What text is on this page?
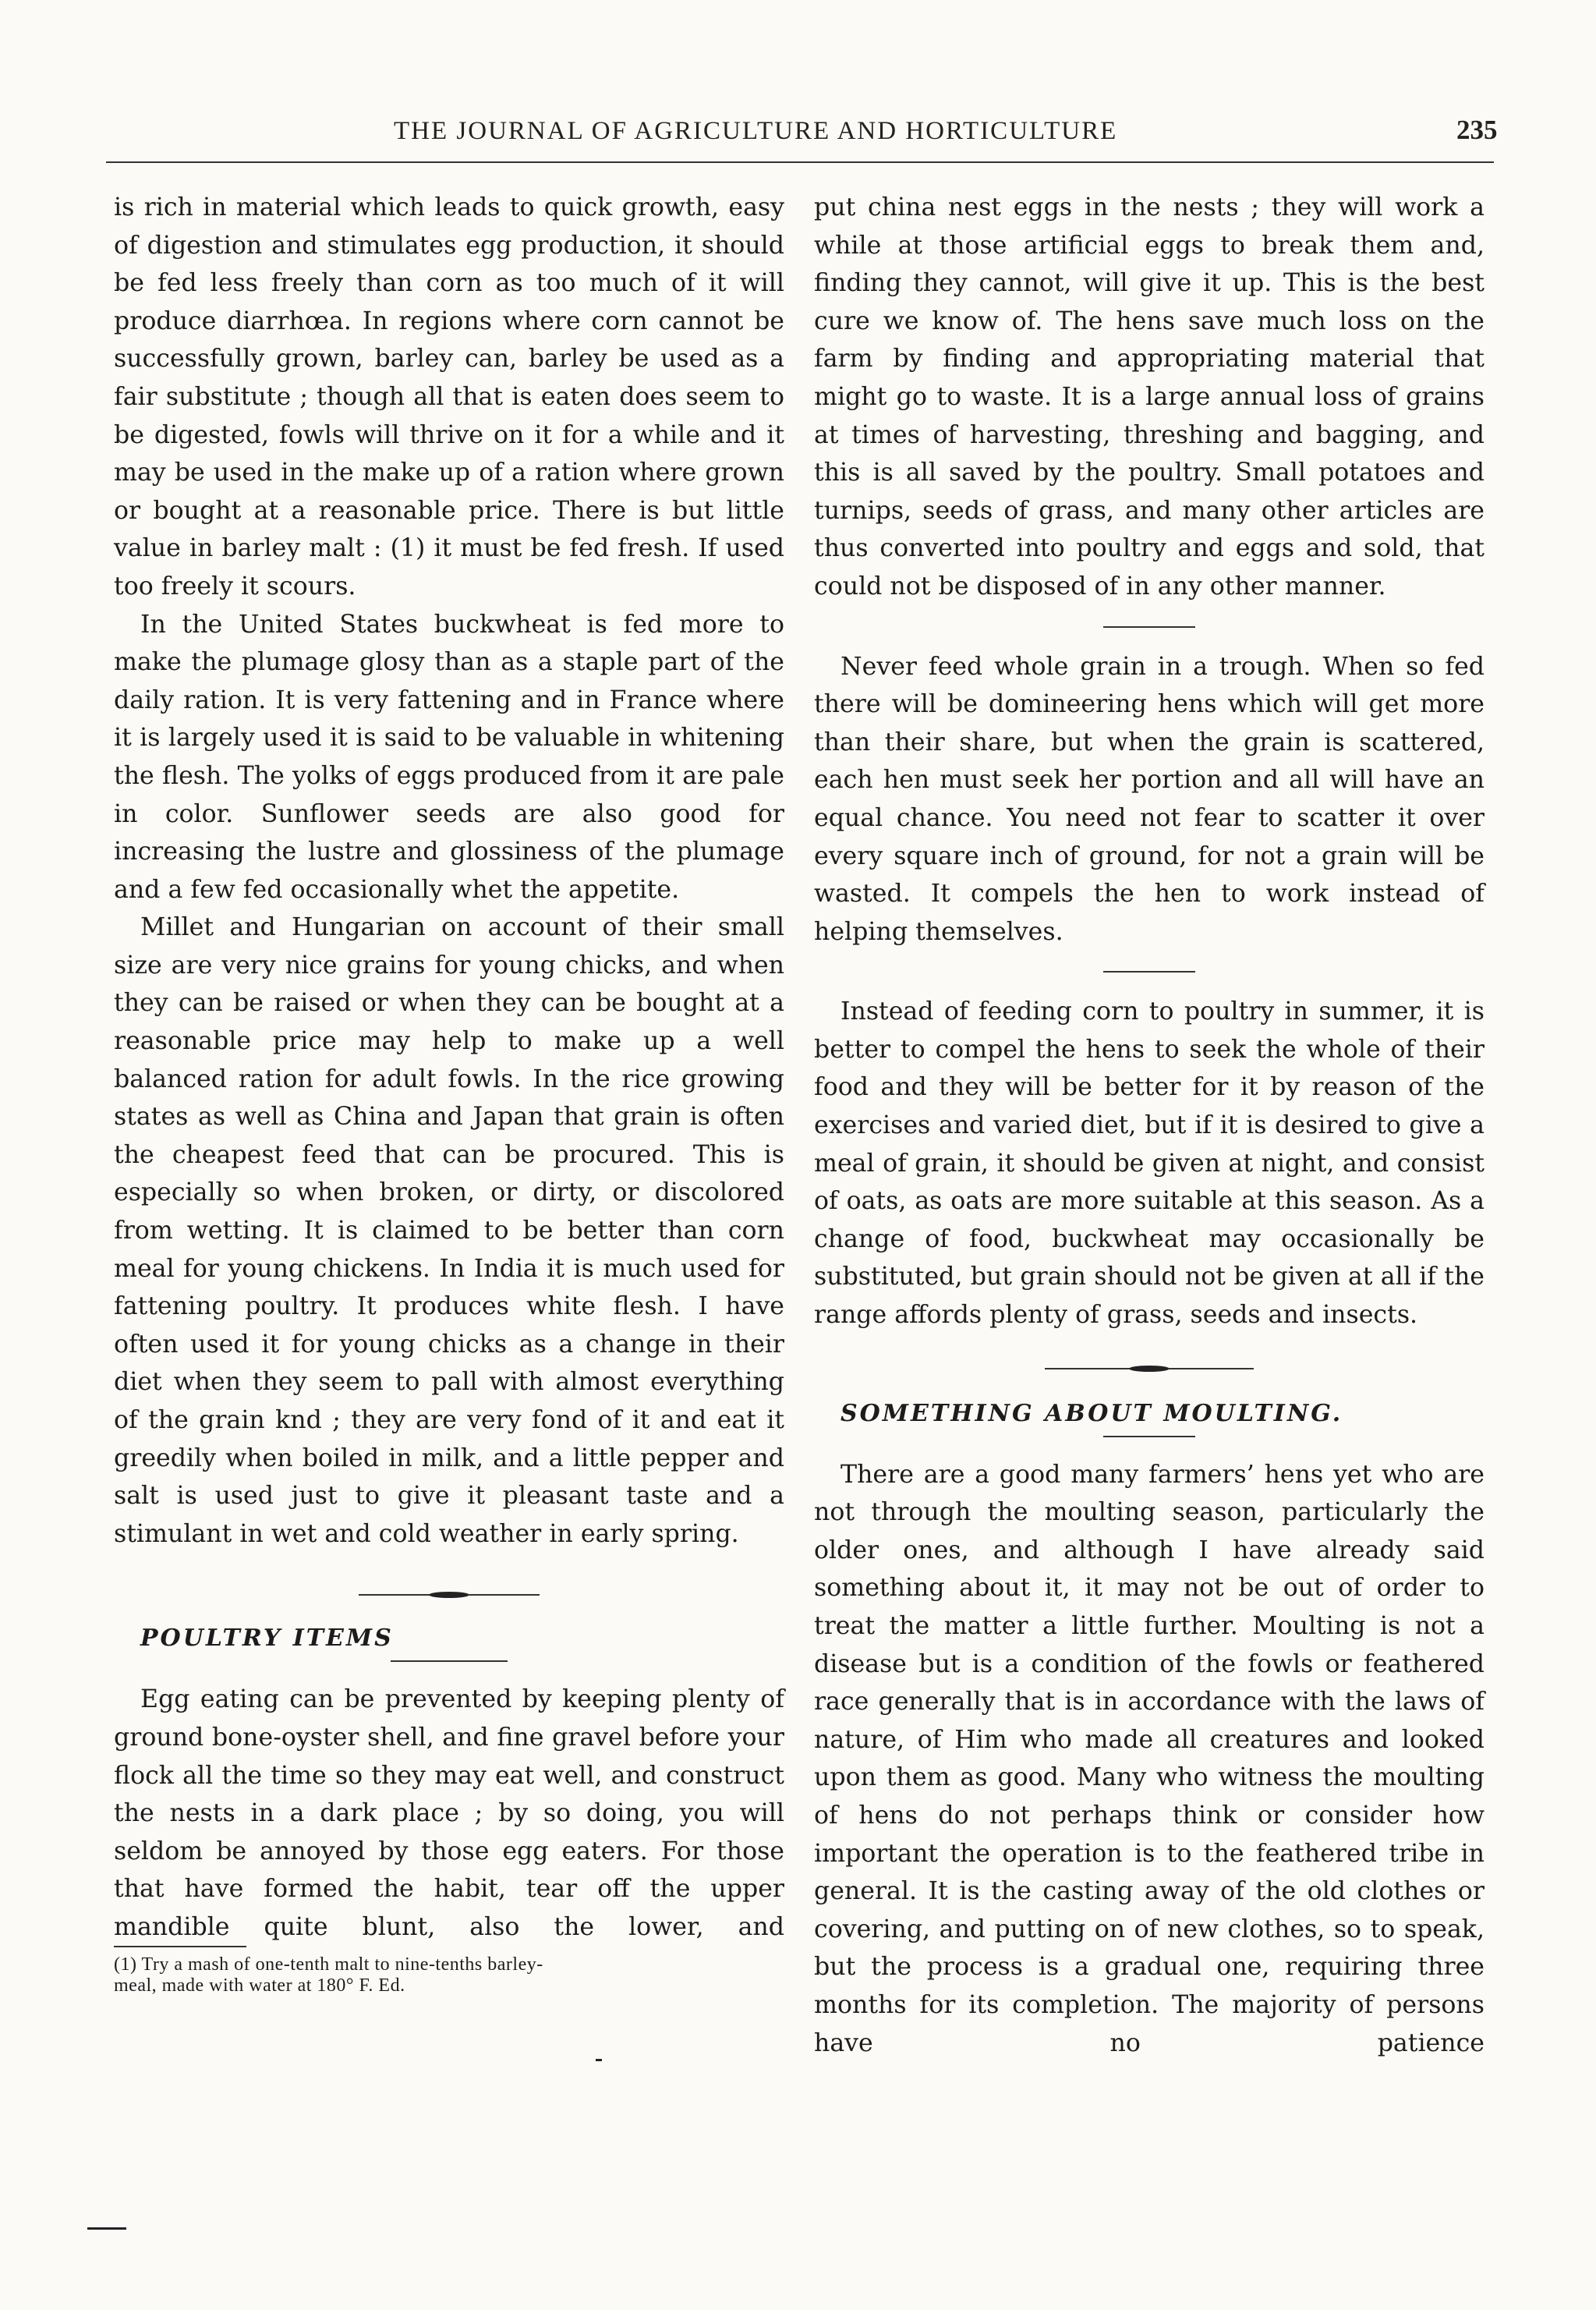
THE JOURNAL OF AGRICULTURE AND HORTICULTURE	235

is rich in material which leads to quick growth, easy of digestion and stimulates egg production, it should be fed less freely than corn as too much of it will produce diarrhœa. In regions where corn cannot be successfully grown, barley can, barley be used as a fair substitute ; though all that is eaten does seem to be digested, fowls will thrive on it for a while and it may be used in the make up of a ration where grown or bought at a reasonable price. There is but little value in barley malt : (1) it must be fed fresh. If used too freely it scours.

In the United States buckwheat is fed more to make the plumage glosy than as a staple part of the daily ration. It is very fattening and in France where it is largely used it is said to be valuable in whitening the flesh. The yolks of eggs produced from it are pale in color. Sunflower seeds are also good for increasing the lustre and glossiness of the plumage and a few fed occasionally whet the appetite.

Millet and Hungarian on account of their small size are very nice grains for young chicks, and when they can be raised or when they can be bought at a reasonable price may help to make up a well balanced ration for adult fowls. In the rice growing states as well as China and Japan that grain is often the cheapest feed that can be procured. This is especially so when broken, or dirty, or discolored from wetting. It is claimed to be better than corn meal for young chickens. In India it is much used for fattening poultry. It produces white flesh. I have often used it for young chicks as a change in their diet when they seem to pall with almost everything of the grain knd ; they are very fond of it and eat it greedily when boiled in milk, and a little pepper and salt is used just to give it pleasant taste and a stimulant in wet and cold weather in early spring.

POULTRY ITEMS

Egg eating can be prevented by keeping plenty of ground bone-oyster shell, and fine gravel before your flock all the time so they may eat well, and construct the nests in a dark place ; by so doing, you will seldom be annoyed by those egg eaters. For those that have formed the habit, tear off the upper mandible quite blunt, also the lower, and

(1) Try a mash of one-tenth malt to nine-tenths barley-
meal, made with water at 180° F. Ed.

put china nest eggs in the nests ; they will work a while at those artificial eggs to break them and, finding they cannot, will give it up. This is the best cure we know of. The hens save much loss on the farm by finding and appropriating material that might go to waste. It is a large annual loss of grains at times of harvesting, threshing and bagging, and this is all saved by the poultry. Small potatoes and turnips, seeds of grass, and many other articles are thus converted into poultry and eggs and sold, that could not be disposed of in any other manner.

Never feed whole grain in a trough. When so fed there will be domineering hens which will get more than their share, but when the grain is scattered, each hen must seek her portion and all will have an equal chance. You need not fear to scatter it over every square inch of ground, for not a grain will be wasted. It compels the hen to work instead of helping themselves.

Instead of feeding corn to poultry in summer, it is better to compel the hens to seek the whole of their food and they will be better for it by reason of the exercises and varied diet, but if it is desired to give a meal of grain, it should be given at night, and consist of oats, as oats are more suitable at this season. As a change of food, buckwheat may occasionally be substituted, but grain should not be given at all if the range affords plenty of grass, seeds and insects.

SOMETHING ABOUT MOULTING.

There are a good many farmers’ hens yet who are not through the moulting season, particularly the older ones, and although I have already said something about it, it may not be out of order to treat the matter a little further. Moulting is not a disease but is a condition of the fowls or feathered race generally that is in accordance with the laws of nature, of Him who made all creatures and looked upon them as good. Many who witness the moulting of hens do not perhaps think or consider how important the operation is to the feathered tribe in general. It is the casting away of the old clothes or covering, and putting on of new clothes, so to speak, but the process is a gradual one, requiring three months for its completion. The majority of persons have no patience
